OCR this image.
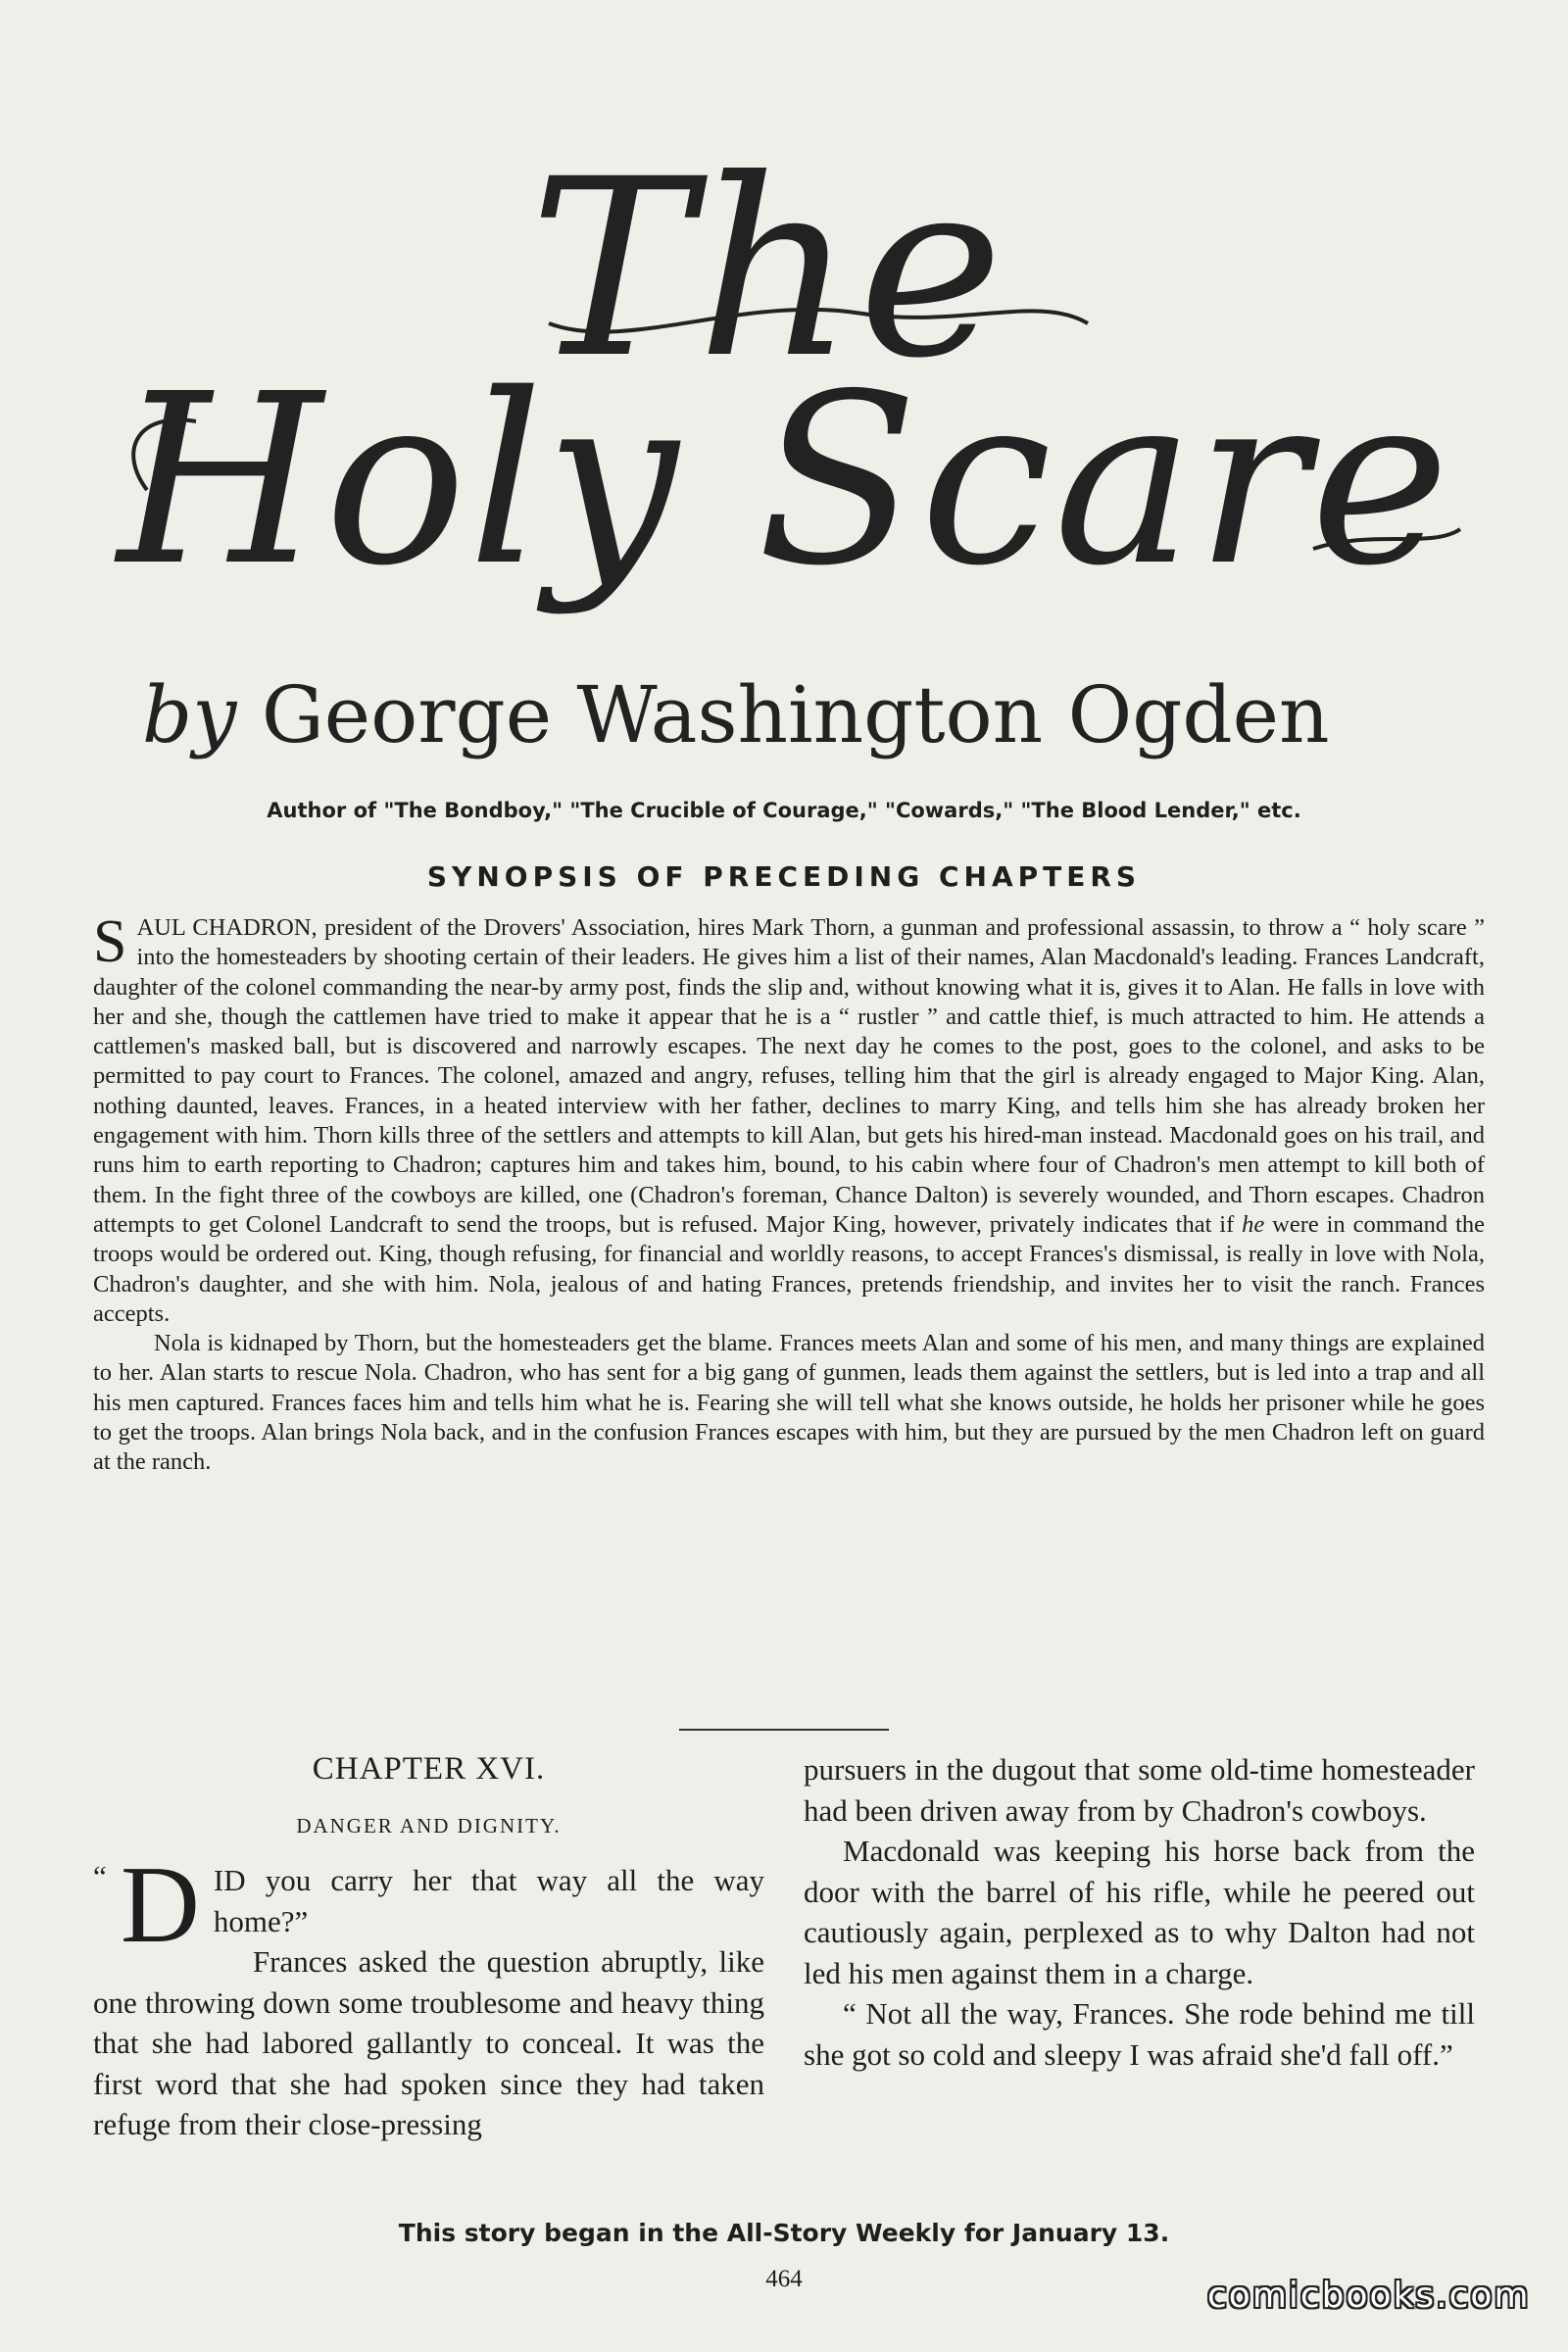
The
Holy Scare
by George Washington Ogden
Author of "The Bondboy," "The Crucible of Courage," "Cowards," "The Blood Lender," etc.
SYNOPSIS OF PRECEDING CHAPTERS

SAUL CHADRON, president of the Drovers' Association, hires Mark Thorn, a gunman and professional assassin, to throw a “ holy scare ” into the homesteaders by shooting certain of their leaders. He gives him a list of their names, Alan Macdonald's leading. Frances Landcraft, daughter of the colonel commanding the near-by army post, finds the slip and, without knowing what it is, gives it to Alan. He falls in love with her and she, though the cattlemen have tried to make it appear that he is a “ rustler ” and cattle thief, is much attracted to him. He attends a cattlemen's masked ball, but is discovered and narrowly escapes. The next day he comes to the post, goes to the colonel, and asks to be permitted to pay court to Frances. The colonel, amazed and angry, refuses, telling him that the girl is already engaged to Major King. Alan, nothing daunted, leaves. Frances, in a heated interview with her father, declines to marry King, and tells him she has already broken her engagement with him. Thorn kills three of the settlers and attempts to kill Alan, but gets his hired-man instead. Macdonald goes on his trail, and runs him to earth reporting to Chadron; captures him and takes him, bound, to his cabin where four of Chadron's men attempt to kill both of them. In the fight three of the cowboys are killed, one (Chadron's foreman, Chance Dalton) is severely wounded, and Thorn escapes. Chadron attempts to get Colonel Landcraft to send the troops, but is refused. Major King, however, privately indicates that if he were in command the troops would be ordered out. King, though refusing, for financial and worldly reasons, to accept Frances's dismissal, is really in love with Nola, Chadron's daughter, and she with him. Nola, jealous of and hating Frances, pretends friendship, and invites her to visit the ranch. Frances accepts.

Nola is kidnaped by Thorn, but the homesteaders get the blame. Frances meets Alan and some of his men, and many things are explained to her. Alan starts to rescue Nola. Chadron, who has sent for a big gang of gunmen, leads them against the settlers, but is led into a trap and all his men captured. Frances faces him and tells him what he is. Fearing she will tell what she knows outside, he holds her prisoner while he goes to get the troops. Alan brings Nola back, and in the confusion Frances escapes with him, but they are pursued by the men Chadron left on guard at the ranch.

CHAPTER XVI.
DANGER AND DIGNITY.
“ D ID you carry her that way all the way home?”

Frances asked the question abruptly, like one throwing down some troublesome and heavy thing that she had labored gallantly to conceal. It was the first word that she had spoken since they had taken refuge from their close-pressing

pursuers in the dugout that some old-time homesteader had been driven away from by Chadron's cowboys.

Macdonald was keeping his horse back from the door with the barrel of his rifle, while he peered out cautiously again, perplexed as to why Dalton had not led his men against them in a charge.

“ Not all the way, Frances. She rode behind me till she got so cold and sleepy I was afraid she'd fall off.”

This story began in the All-Story Weekly for January 13.
464	comicbooks.com
